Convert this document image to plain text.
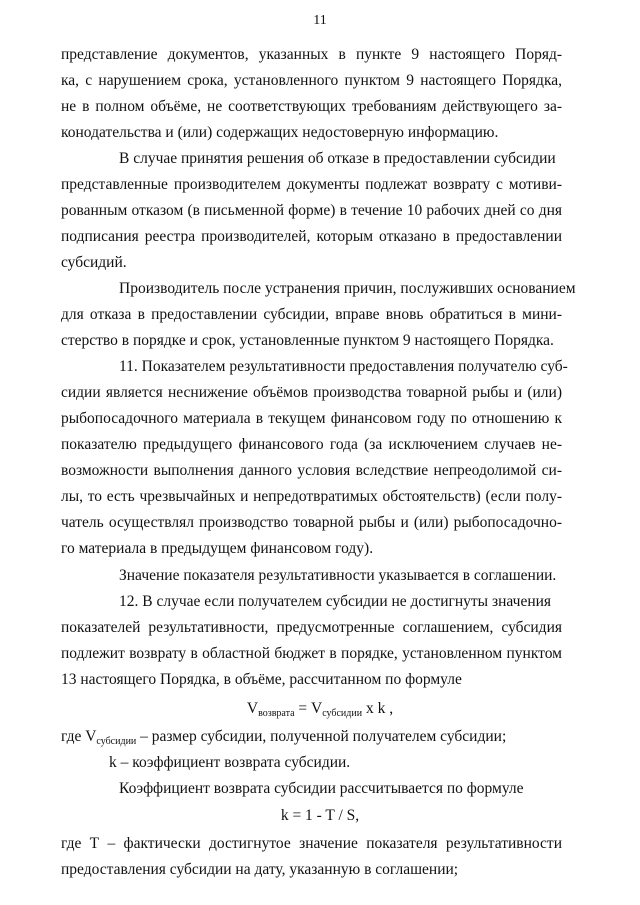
11
представление документов, указанных в пункте 9 настоящего Поряд-
ка, с нарушением срока, установленного пунктом 9 настоящего Порядка,
не в полном объёме, не соответствующих требованиям действующего за-
конодательства и (или) содержащих недостоверную информацию.
В случае принятия решения об отказе в предоставлении субсидии
представленные производителем документы подлежат возврату с мотиви-
рованным отказом (в письменной форме) в течение 10 рабочих дней со дня
подписания реестра производителей, которым отказано в предоставлении
субсидий.
Производитель после устранения причин, послуживших основанием
для отказа в предоставлении субсидии, вправе вновь обратиться в мини-
стерство в порядке и срок, установленные пунктом 9 настоящего Порядка.
11. Показателем результативности предоставления получателю суб-
сидии является неснижение объёмов производства товарной рыбы и (или)
рыбопосадочного материала в текущем финансовом году по отношению к
показателю предыдущего финансового года (за исключением случаев не-
возможности выполнения данного условия вследствие непреодолимой си-
лы, то есть чрезвычайных и непредотвратимых обстоятельств) (если полу-
чатель осуществлял производство товарной рыбы и (или) рыбопосадочно-
го материала в предыдущем финансовом году).
Значение показателя результативности указывается в соглашении.
12. В случае если получателем субсидии не достигнуты значения
показателей результативности, предусмотренные соглашением, субсидия
подлежит возврату в областной бюджет в порядке, установленном пунктом
13 настоящего Порядка, в объёме, рассчитанном по формуле
$V_{возврата} = V_{субсидии}$ x k ,
где $V_{субсидии}$ – размер субсидии, полученной получателем субсидии;
k – коэффициент возврата субсидии.
Коэффициент возврата субсидии рассчитывается по формуле
k = 1 - T / S,
где Т – фактически достигнутое значение показателя результативности
предоставления субсидии на дату, указанную в соглашении;
